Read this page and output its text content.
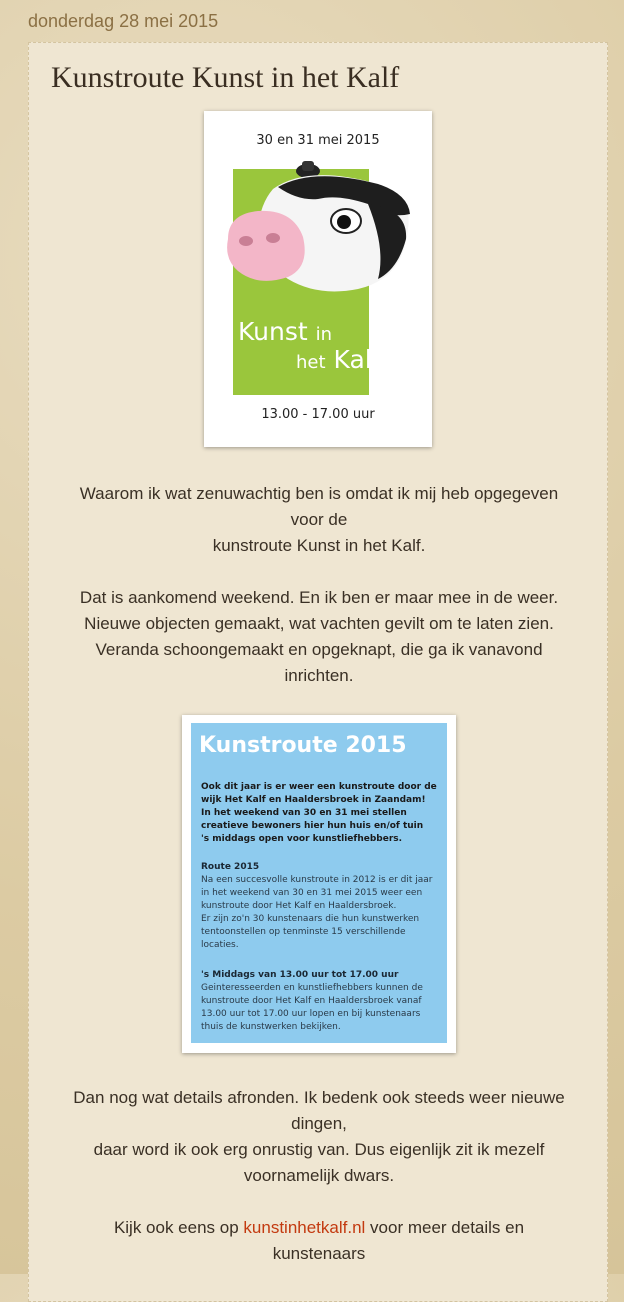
donderdag 28 mei 2015
Kunstroute Kunst in het Kalf
30 en 31 mei 2015
Kunst in
het Kalf
13.00 - 17.00 uur
Waarom ik wat zenuwachtig ben is omdat ik mij heb opgegeven
voor de
kunstroute Kunst in het Kalf.
Dat is aankomend weekend. En ik ben er maar mee in de weer.
Nieuwe objecten gemaakt, wat vachten gevilt om te laten zien.
Veranda schoongemaakt en opgeknapt, die ga ik vanavond
inrichten.
Kunstroute 2015
Ook dit jaar is er weer een kunstroute door de
wijk Het Kalf en Haaldersbroek in Zaandam!
In het weekend van 30 en 31 mei stellen
creatieve bewoners hier hun huis en/of tuin
's middags open voor kunstliefhebbers.
Route 2015
Na een succesvolle kunstroute in 2012 is er dit jaar
in het weekend van 30 en 31 mei 2015 weer een
kunstroute door Het Kalf en Haaldersbroek.
Er zijn zo'n 30 kunstenaars die hun kunstwerken
tentoonstellen op tenminste 15 verschillende
locaties.
's Middags van 13.00 uur tot 17.00 uur
Geinteresseerden en kunstliefhebbers kunnen de
kunstroute door Het Kalf en Haaldersbroek vanaf
13.00 uur tot 17.00 uur lopen en bij kunstenaars
thuis de kunstwerken bekijken.
Dan nog wat details afronden. Ik bedenk ook steeds weer nieuwe
dingen,
daar word ik ook erg onrustig van. Dus eigenlijk zit ik mezelf
voornamelijk dwars.
Kijk ook eens op kunstinhetkalf.nl voor meer details en
kunstenaars
